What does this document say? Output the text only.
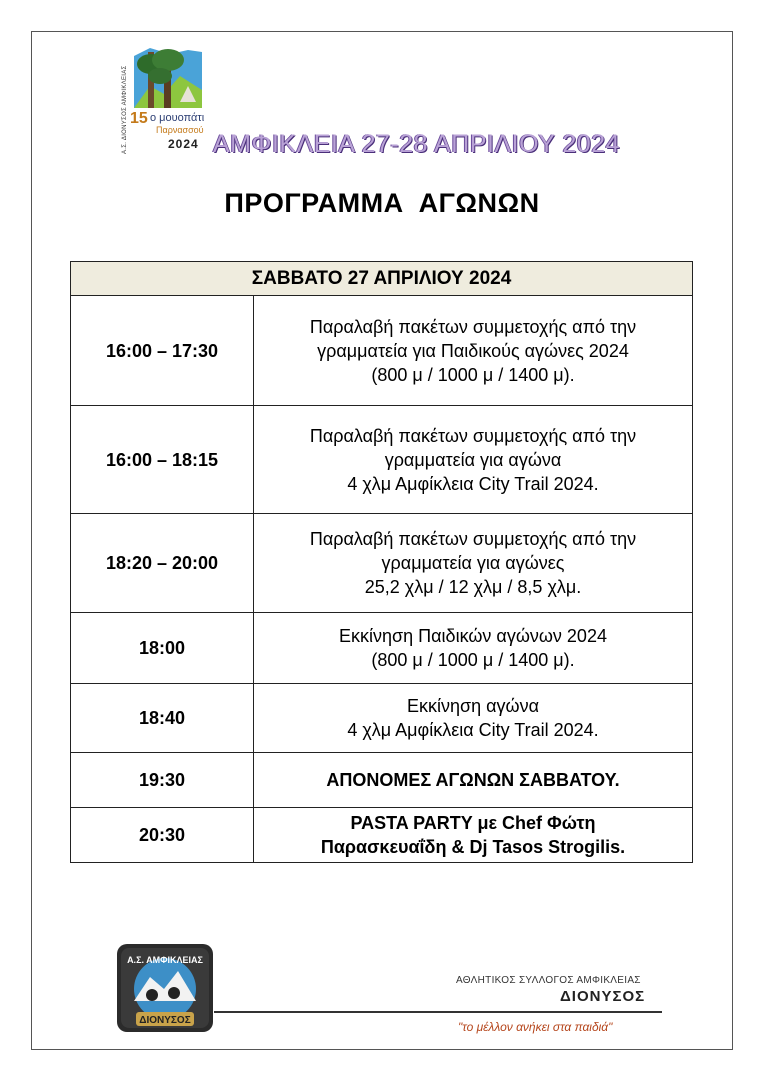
Α.Σ. ΔΙΟΝΥΣΟΣ ΑΜΦΙΚΛΕΙΑΣ 15 ο μουοπάτι
Παρνασσού
2024 ΑΜΦΙΚΛΕΙΑ 27-28 ΑΠΡΙΛΙΟΥ 2024
ΠΡΟΓΡΑΜΜΑ ΑΓΩΝΩΝ
ΣΑΒΒΑΤΟ 27 ΑΠΡΙΛΙΟΥ 2024	
16:00 – 17:30	Παραλαβή πακέτων συμμετοχής από την
γραμματεία για Παιδικούς αγώνες 2024
(800 μ / 1000 μ / 1400 μ).

16:00 – 18:15	Παραλαβή πακέτων συμμετοχής από την
γραμματεία για αγώνα
4 χλμ Αμφίκλεια City Trail 2024.

18:20 – 20:00	Παραλαβή πακέτων συμμετοχής από την
γραμματεία για αγώνες
25,2 χλμ / 12 χλμ / 8,5 χλμ.

18:00	Εκκίνηση Παιδικών αγώνων 2024
(800 μ / 1000 μ / 1400 μ).

18:40	Εκκίνηση αγώνα
4 χλμ Αμφίκλεια City Trail 2024.

19:30	ΑΠΟΝΟΜΕΣ ΑΓΩΝΩΝ ΣΑΒΒΑΤΟΥ.

20:30	PASTA PARTY με Chef Φώτη
Παρασκευαΐδη & Dj Tasos Strogilis.
Α.Σ. ΑΜΦΙΚΛΕΙΑΣ
ΔΙΟΝΥΣΟΣ
ΑΘΛΗΤΙΚΟΣ ΣΥΛΛΟΓΟΣ ΑΜΦΙΚΛΕΙΑΣ
ΔΙΟΝΥΣΟΣ
"το μέλλον ανήκει στα παιδιά"
